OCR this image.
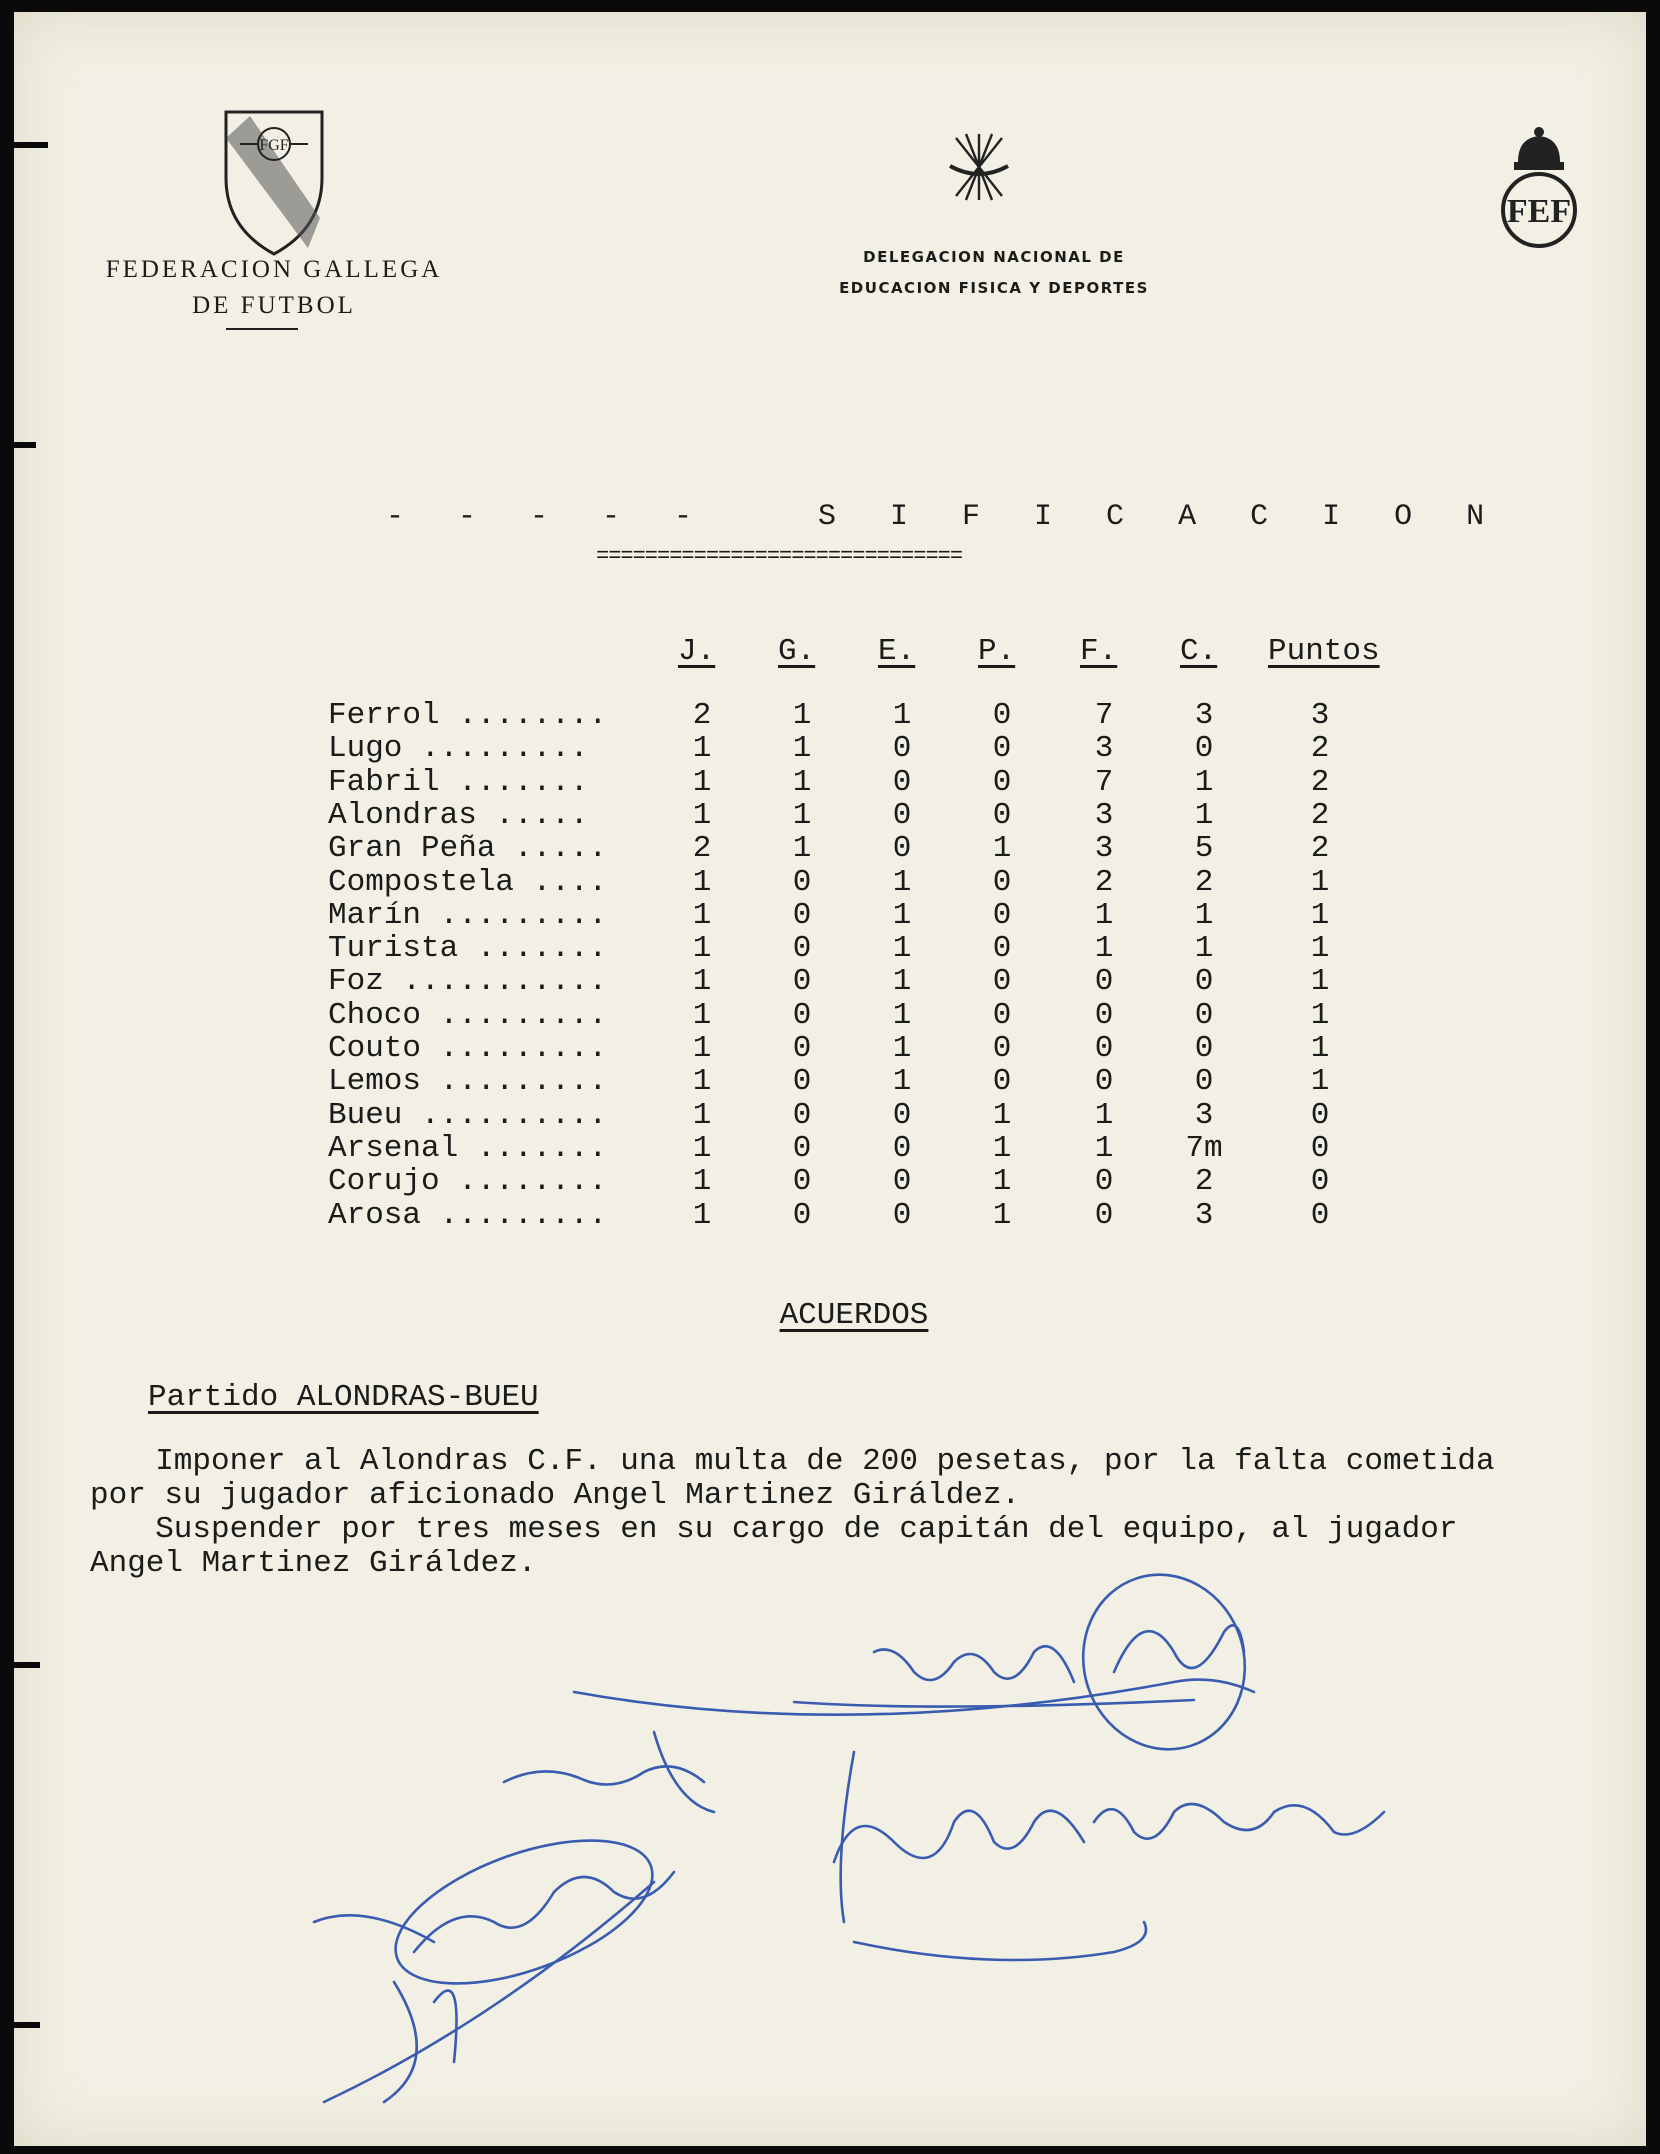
FGF
FEDERACION GALLEGA
DE FUTBOL
DELEGACION NACIONAL DE
EDUCACION FISICA Y DEPORTES
FEF
- - - - -   S I F I C A C I O N
==============================
J. G. E. P. F. C. Puntos
Ferrol ........	2	1	1	0	7	3	3
Lugo .........	1	1	0	0	3	0	2
Fabril .......	1	1	0	0	7	1	2
Alondras .....	1	1	0	0	3	1	2
Gran Peña .....	2	1	0	1	3	5	2
Compostela ....	1	0	1	0	2	2	1
Marín .........	1	0	1	0	1	1	1
Turista .......	1	0	1	0	1	1	1
Foz ...........	1	0	1	0	0	0	1
Choco .........	1	0	1	0	0	0	1
Couto .........	1	0	1	0	0	0	1
Lemos .........	1	0	1	0	0	0	1
Bueu ..........	1	0	0	1	1	3	0
Arsenal .......	1	0	0	1	1	7m	0
Corujo ........	1	0	0	1	0	2	0
Arosa .........	1	0	0	1	0	3	0
ACUERDOS
Partido ALONDRAS-BUEU
Imponer al Alondras C.F. una multa de 200 pesetas, por la falta cometida
por su jugador aficionado Angel Martinez Giráldez.
Suspender por tres meses en su cargo de capitán del equipo, al jugador
Angel Martinez Giráldez.
